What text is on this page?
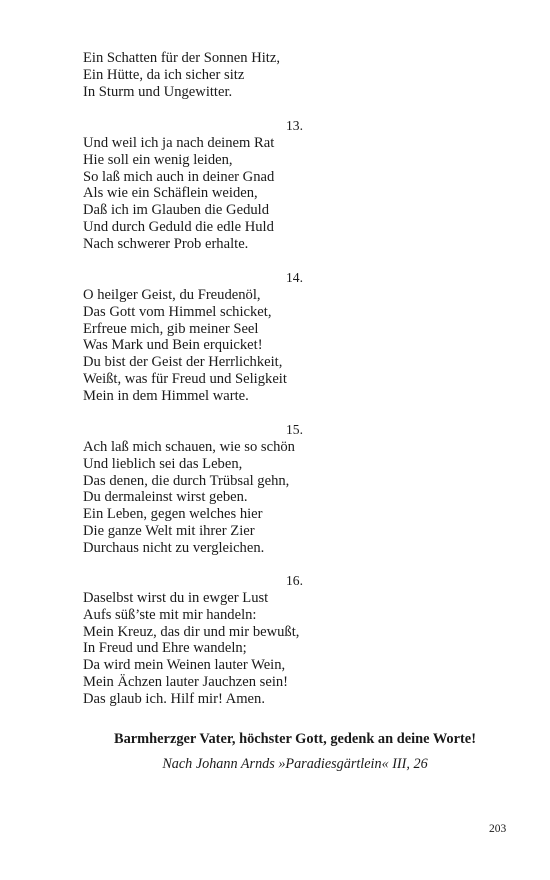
Ein Schatten für der Sonnen Hitz,
Ein Hütte, da ich sicher sitz
In Sturm und Ungewitter.
13.
Und weil ich ja nach deinem Rat
Hie soll ein wenig leiden,
So laß mich auch in deiner Gnad
Als wie ein Schäflein weiden,
Daß ich im Glauben die Geduld
Und durch Geduld die edle Huld
Nach schwerer Prob erhalte.
14.
O heilger Geist, du Freudenöl,
Das Gott vom Himmel schicket,
Erfreue mich, gib meiner Seel
Was Mark und Bein erquicket!
Du bist der Geist der Herrlichkeit,
Weißt, was für Freud und Seligkeit
Mein in dem Himmel warte.
15.
Ach laß mich schauen, wie so schön
Und lieblich sei das Leben,
Das denen, die durch Trübsal gehn,
Du dermaleinst wirst geben.
Ein Leben, gegen welches hier
Die ganze Welt mit ihrer Zier
Durchaus nicht zu vergleichen.
16.
Daselbst wirst du in ewger Lust
Aufs süß’ste mit mir handeln:
Mein Kreuz, das dir und mir bewußt,
In Freud und Ehre wandeln;
Da wird mein Weinen lauter Wein,
Mein Ächzen lauter Jauchzen sein!
Das glaub ich. Hilf mir! Amen.
Barmherzger Vater, höchster Gott, gedenk an deine Worte!
Nach Johann Arnds »Paradiesgärtlein« III, 26
203
